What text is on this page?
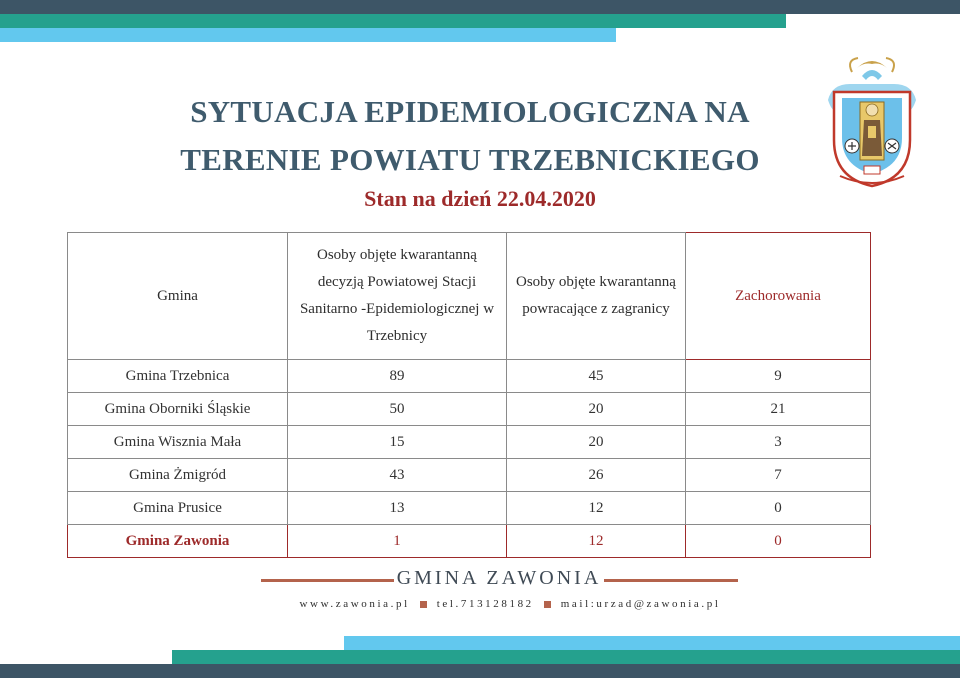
SYTUACJA EPIDEMIOLOGICZNA NA
TERENIE POWIATU TRZEBNICKIEGO
Stan na dzień 22.04.2020
Gmina	Osoby objęte kwarantanną decyzją Powiatowej Stacji Sanitarno -Epidemiologicznej w Trzebnicy	Osoby objęte kwarantanną powracające z zagranicy	Zachorowania
Gmina Trzebnica	89	45	9
Gmina Oborniki Śląskie	50	20	21
Gmina Wisznia Mała	15	20	3
Gmina Żmigród	43	26	7
Gmina Prusice	13	12	0
Gmina Zawonia	1	12	0
GMINA ZAWONIA
www.zawonia.pl tel.713128182 mail:urzad@zawonia.pl
